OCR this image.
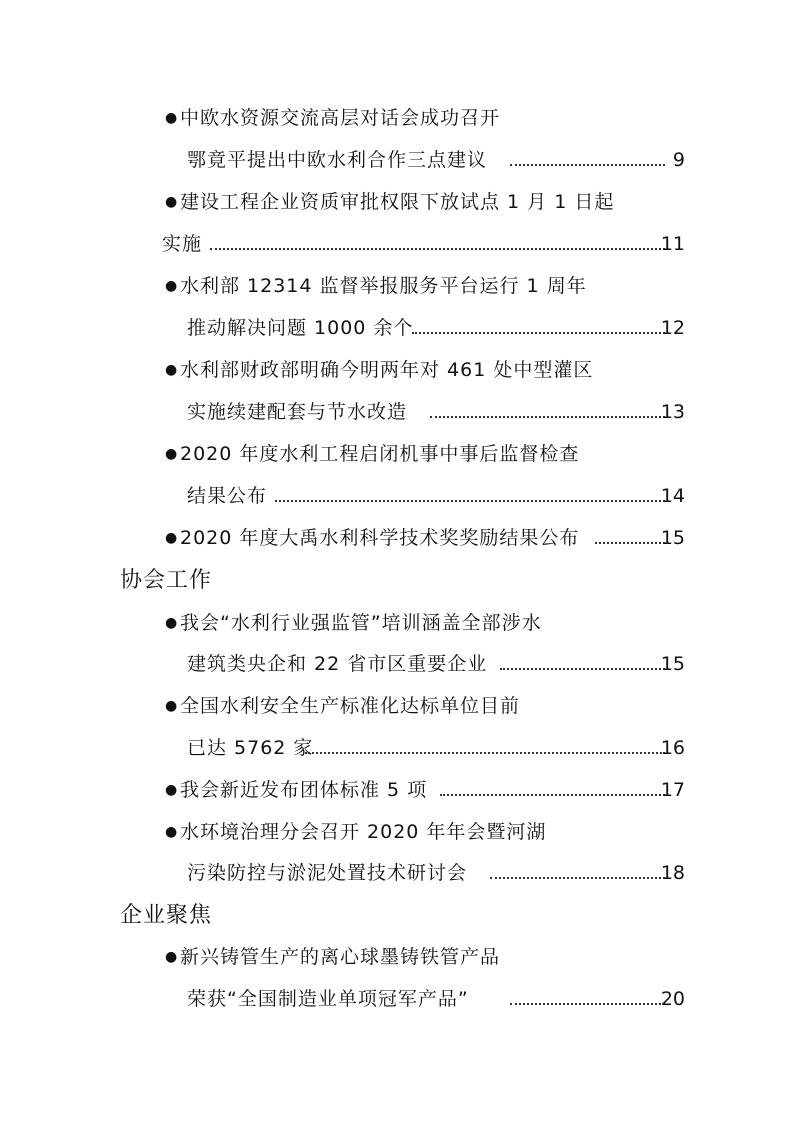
● 中欧水资源交流高层对话会成功召开
鄂竟平提出中欧水利合作三点建议	9
● 建设工程企业资质审批权限下放试点 1 月 1 日起
实施	11
● 水利部 12314 监督举报服务平台运行 1 周年
推动解决问题 1000 余个	12
● 水利部财政部明确今明两年对 461 处中型灌区
实施续建配套与节水改造	13
● 2020 年度水利工程启闭机事中事后监督检查
结果公布	14
● 2020 年度大禹水利科学技术奖奖励结果公布	15
协会工作
● 我会“水利行业强监管”培训涵盖全部涉水
建筑类央企和 22 省市区重要企业	15
● 全国水利安全生产标准化达标单位目前
已达 5762 家	16
● 我会新近发布团体标准 5 项	17
● 水环境治理分会召开 2020 年年会暨河湖
污染防控与淤泥处置技术研讨会	18
企业聚焦
● 新兴铸管生产的离心球墨铸铁管产品
荣获“全国制造业单项冠军产品”	20
